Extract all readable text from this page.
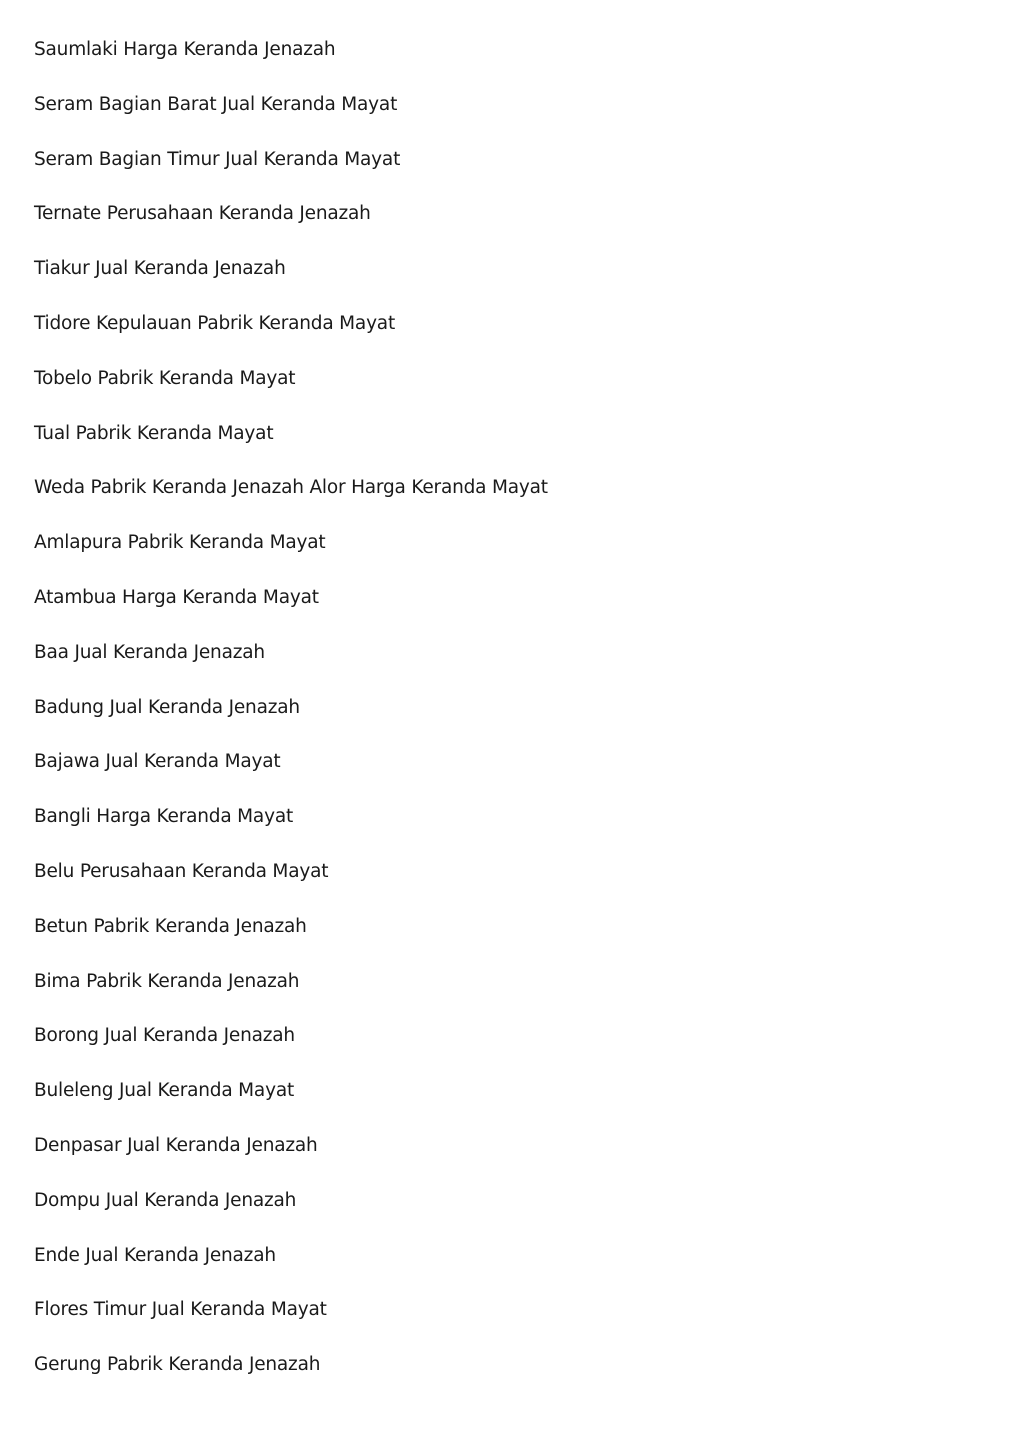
Saumlaki Harga Keranda Jenazah
Seram Bagian Barat Jual Keranda Mayat
Seram Bagian Timur Jual Keranda Mayat
Ternate Perusahaan Keranda Jenazah
Tiakur Jual Keranda Jenazah
Tidore Kepulauan Pabrik Keranda Mayat
Tobelo Pabrik Keranda Mayat
Tual Pabrik Keranda Mayat
Weda Pabrik Keranda Jenazah Alor Harga Keranda Mayat
Amlapura Pabrik Keranda Mayat
Atambua Harga Keranda Mayat
Baa Jual Keranda Jenazah
Badung Jual Keranda Jenazah
Bajawa Jual Keranda Mayat
Bangli Harga Keranda Mayat
Belu Perusahaan Keranda Mayat
Betun Pabrik Keranda Jenazah
Bima Pabrik Keranda Jenazah
Borong Jual Keranda Jenazah
Buleleng Jual Keranda Mayat
Denpasar Jual Keranda Jenazah
Dompu Jual Keranda Jenazah
Ende Jual Keranda Jenazah
Flores Timur Jual Keranda Mayat
Gerung Pabrik Keranda Jenazah
